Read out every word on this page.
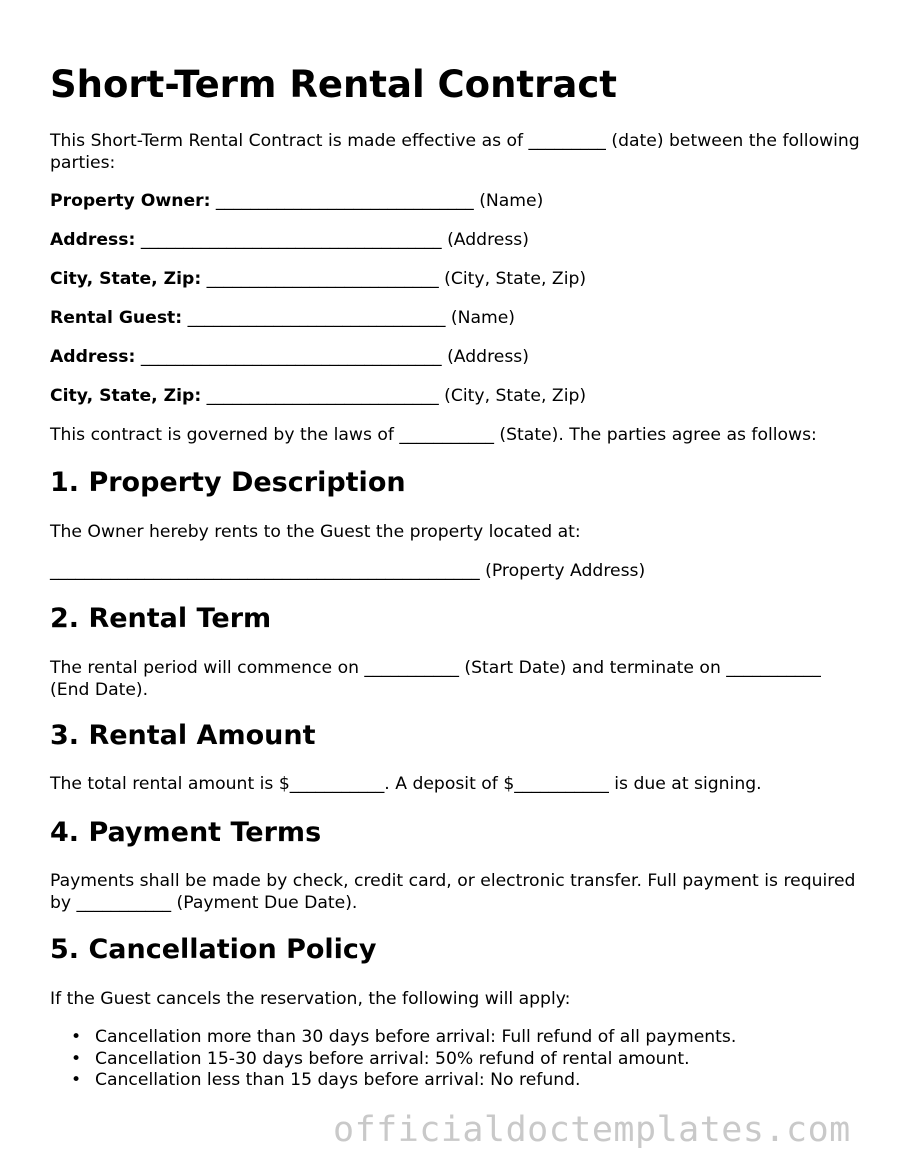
Short-Term Rental Contract

This Short-Term Rental Contract is made effective as of _________ (date) between the following parties:

Property Owner: ______________________________ (Name)

Address: ___________________________________ (Address)

City, State, Zip: ___________________________ (City, State, Zip)

Rental Guest: ______________________________ (Name)

Address: ___________________________________ (Address)

City, State, Zip: ___________________________ (City, State, Zip)

This contract is governed by the laws of ___________ (State). The parties agree as follows:

1. Property Description

The Owner hereby rents to the Guest the property located at:

__________________________________________________ (Property Address)

2. Rental Term

The rental period will commence on ___________ (Start Date) and terminate on ___________ (End Date).

3. Rental Amount

The total rental amount is $___________. A deposit of $___________ is due at signing.

4. Payment Terms

Payments shall be made by check, credit card, or electronic transfer. Full payment is required by ___________ (Payment Due Date).

5. Cancellation Policy

If the Guest cancels the reservation, the following will apply:

• Cancellation more than 30 days before arrival: Full refund of all payments.
• Cancellation 15-30 days before arrival: 50% refund of rental amount.
• Cancellation less than 15 days before arrival: No refund.
officialdoctemplates.com
